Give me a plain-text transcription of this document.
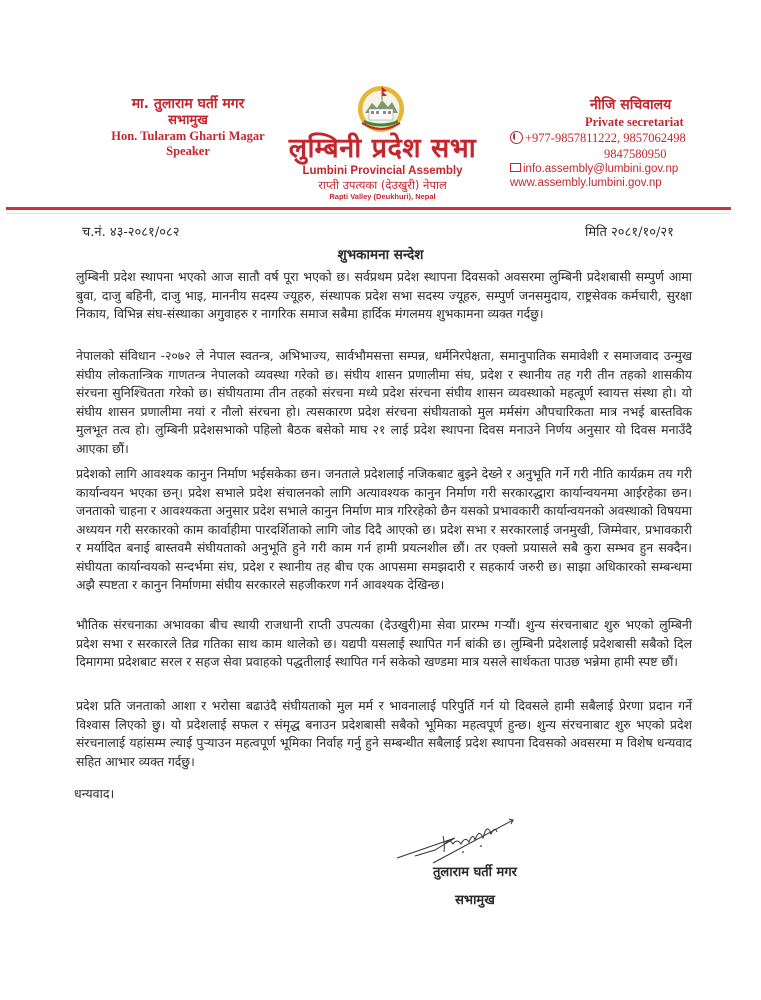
मा. तुलाराम घर्ती मगर
सभामुख
Hon. Tularam Gharti Magar
Speaker	लुम्बिनी प्रदेश सभा
Lumbini Provincial Assembly
राप्ती उपत्यका (देउखुरी) नेपाल
Rapti Valley (Deukhuri), Nepal
नीजि सचिवालय
Private secretariat
+977-9857811222, 9857062498
9847580950
info.assembly@lumbini.gov.np
www.assembly.lumbini.gov.np
च.नं. ४३-२०८१/०८२	मिति २०८१/१०/२१
शुभकामना सन्देश
लुम्बिनी प्रदेश स्थापना भएको आज सातौ वर्ष पूरा भएको छ। सर्वप्रथम प्रदेश स्थापना दिवसको अवसरमा लुम्बिनी प्रदेशबासी सम्पुर्ण आमा बुवा, दाजु बहिनी, दाजु भाइ, माननीय सदस्य ज्यूहरु, संस्थापक प्रदेश सभा सदस्य ज्यूहरु, सम्पुर्ण जनसमुदाय, राष्ट्रसेवक कर्मचारी, सुरक्षा निकाय, विभिन्न संघ-संस्थाका अगुवाहरु र नागरिक समाज सबैमा हार्दिक मंगलमय शुभकामना व्यक्त गर्दछु।
नेपालको संविधान -२०७२ ले नेपाल स्वतन्त्र, अभिभाज्य, सार्वभौमसत्ता सम्पन्न, धर्मनिरपेक्षता, समानुपातिक समावेशी र समाजवाद उन्मुख संघीय लोकतान्त्रिक गाणतन्त्र नेपालको व्यवस्था गरेको छ। संघीय शासन प्रणालीमा संघ, प्रदेश र स्थानीय तह गरी तीन तहको शासकीय संरचना सुनिश्चितता गरेको छ। संघीयतामा तीन तहको संरचना मध्ये प्रदेश संरचना संघीय शासन व्यवस्थाको महत्वूर्ण स्वायत्त संस्था हो। यो संघीय शासन प्रणालीमा नयां र नौलो संरचना हो। त्यसकारण प्रदेश संरचना संघीयताको मुल मर्मसंग औपचारिकता मात्र नभई बास्तविक मुलभूत तत्व हो। लुम्बिनी प्रदेशसभाको पहिलो बैठक बसेको माघ २१ लाई प्रदेश स्थापना दिवस मनाउने निर्णय अनुसार यो दिवस मनाउँदै आएका छौं।
प्रदेशको लागि आवश्यक कानुन निर्माण भईसकेका छन। जनताले प्रदेशलाई नजिकबाट बुझ्ने देख्ने र अनुभूति गर्ने गरी नीति कार्यक्रम तय गरी कार्यान्वयन भएका छन्। प्रदेश सभाले प्रदेश संचालनको लागि अत्यावश्यक कानुन निर्माण गरी सरकारद्धारा कार्यान्वयनमा आईरहेका छन। जनताको चाहना र आवश्यकता अनुसार प्रदेश सभाले कानुन निर्माण मात्र गरिरहेको छैन यसको प्रभावकारी कार्यान्वयनको अवस्थाको विषयमा अध्ययन गरी सरकारको काम कार्वाहीमा पारदर्शिताको लागि जोड दिदै आएको छ। प्रदेश सभा र सरकारलाई जनमुखी, जिम्मेवार, प्रभावकारी र मर्यादित बनाई बास्तवमै संघीयताको अनुभूति हुने गरी काम गर्न हामी प्रयत्नशील छौं। तर एक्लो प्रयासले सबै कुरा सम्भव हुन सक्दैन। संघीयता कार्यान्वयको सन्दर्भमा संघ, प्रदेश र स्थानीय तह बीच एक आपसमा समझदारी र सहकार्य जरुरी छ। साझा अधिकारको सम्बन्धमा अझै स्पष्टता र कानुन निर्माणमा संघीय सरकारले सहजीकरण गर्न आवश्यक देखिन्छ।
भौतिक संरचनाका अभावका बीच स्थायी राजधानी राप्ती उपत्यका (देउखुरी)मा सेवा प्रारम्भ गर्‍यौं। शुन्य संरचनाबाट शुरु भएको लुम्बिनी प्रदेश सभा र सरकारले तिव्र गतिका साथ काम थालेको छ। यद्यपी यसलाई स्थापित गर्न बांकी छ। लुम्बिनी प्रदेशलाई प्रदेशबासी सबैको दिल दिमागमा प्रदेशबाट सरल र सहज सेवा प्रवाहको पद्धतीलाई स्थापित गर्न सकेको खण्डमा मात्र यसले सार्थकता पाउछ भन्नेमा हामी स्पष्ट छौं।
प्रदेश प्रति जनताको आशा र भरोसा बढाउंदै संघीयताको मुल मर्म र भावनालाई परिपुर्ति गर्न यो दिवसले हामी सबैलाई प्रेरणा प्रदान गर्ने विश्वास लिएको छु। यो प्रदेशलाई सफल र संमृद्ध बनाउन प्रदेशबासी सबैको भूमिका महत्वपूर्ण हुन्छ। शुन्य संरचनाबाट शुरु भएको प्रदेश संरचनालाई यहांसम्म ल्याई पुर्‍याउन महत्वपूर्ण भूमिका निर्वाह गर्नु हुने सम्बन्धीत सबैलाई प्रदेश स्थापना दिवसको अवसरमा म विशेष धन्यवाद सहित आभार व्यक्त गर्दछु।
धन्यवाद।
तुलाराम घर्ती मगर
सभामुख
